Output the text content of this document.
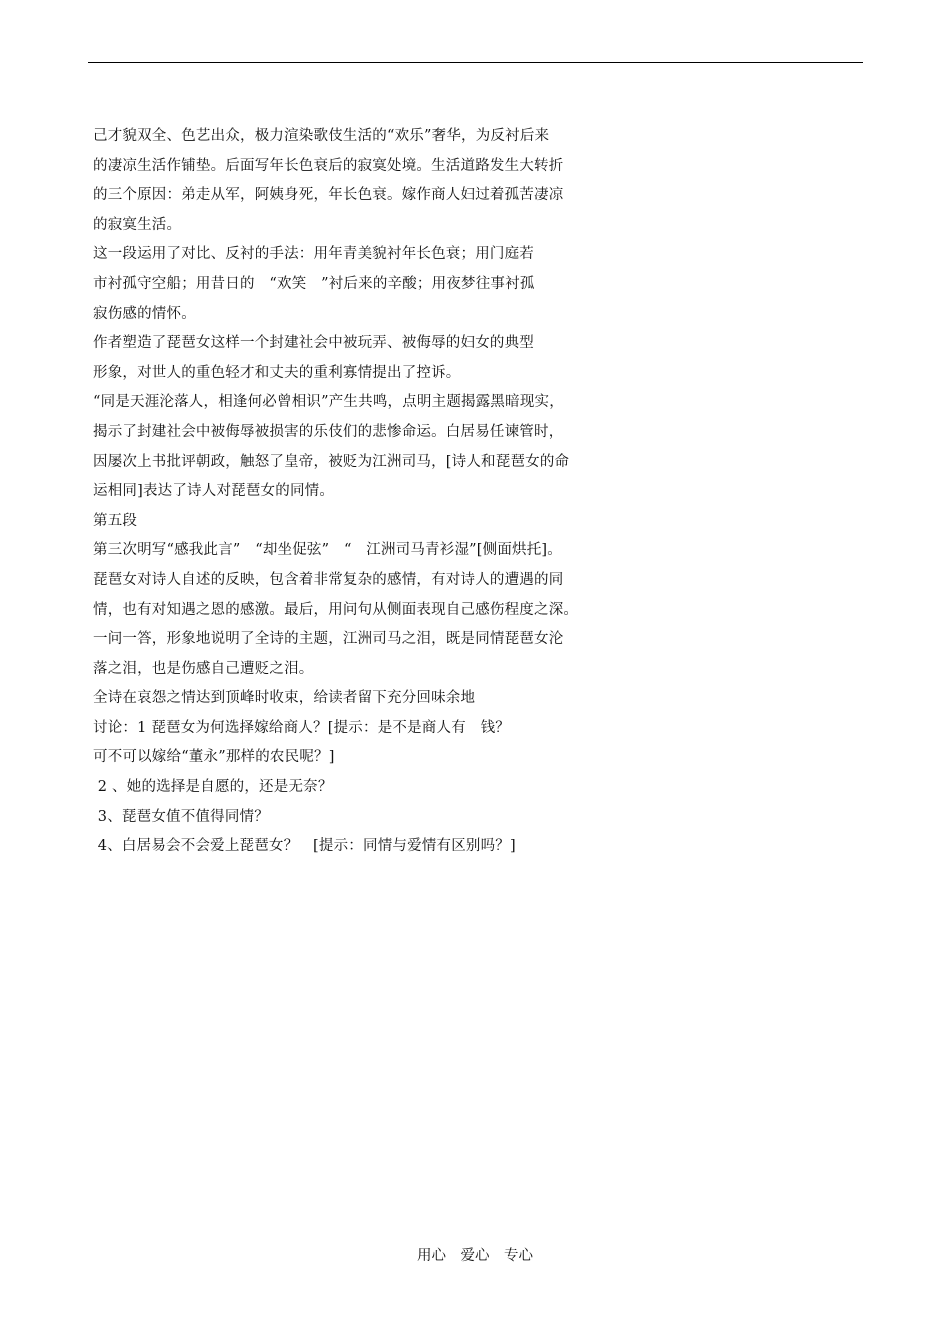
己才貌双全、色艺出众，极力渲染歌伎生活的“欢乐”奢华，为反衬后来
的凄凉生活作铺垫。后面写年长色衰后的寂寞处境。生活道路发生大转折
的三个原因：弟走从军，阿姨身死，年长色衰。嫁作商人妇过着孤苦凄凉
的寂寞生活。
这一段运用了对比、反衬的手法：用年青美貌衬年长色衰；用门庭若
市衬孤守空船；用昔日的　“欢笑　”衬后来的辛酸；用夜梦往事衬孤
寂伤感的情怀。
作者塑造了琵琶女这样一个封建社会中被玩弄、被侮辱的妇女的典型
形象，对世人的重色轻才和丈夫的重利寡情提出了控诉。
“同是天涯沦落人，相逢何必曾相识”产生共鸣，点明主题揭露黑暗现实，
揭示了封建社会中被侮辱被损害的乐伎们的悲惨命运。白居易任谏管时，
因屡次上书批评朝政，触怒了皇帝，被贬为江洲司马，[诗人和琵琶女的命
运相同]表达了诗人对琵琶女的同情。
第五段
第三次明写“感我此言”　“却坐促弦”　“　江洲司马青衫湿”[侧面烘托]。
琵琶女对诗人自述的反映，包含着非常复杂的感情，有对诗人的遭遇的同
情，也有对知遇之恩的感激。最后，用问句从侧面表现自己感伤程度之深。
一问一答，形象地说明了全诗的主题，江洲司马之泪，既是同情琵琶女沦
落之泪，也是伤感自己遭贬之泪。
全诗在哀怨之情达到顶峰时收束，给读者留下充分回味余地
讨论：1 琵琶女为何选择嫁给商人？[提示：是不是商人有　钱？
可不可以嫁给“董永”那样的农民呢？]
2 、她的选择是自愿的，还是无奈？
3、琵琶女值不值得同情？
4、白居易会不会爱上琵琶女？　[提示：同情与爱情有区别吗？]
用心　爱心　专心
